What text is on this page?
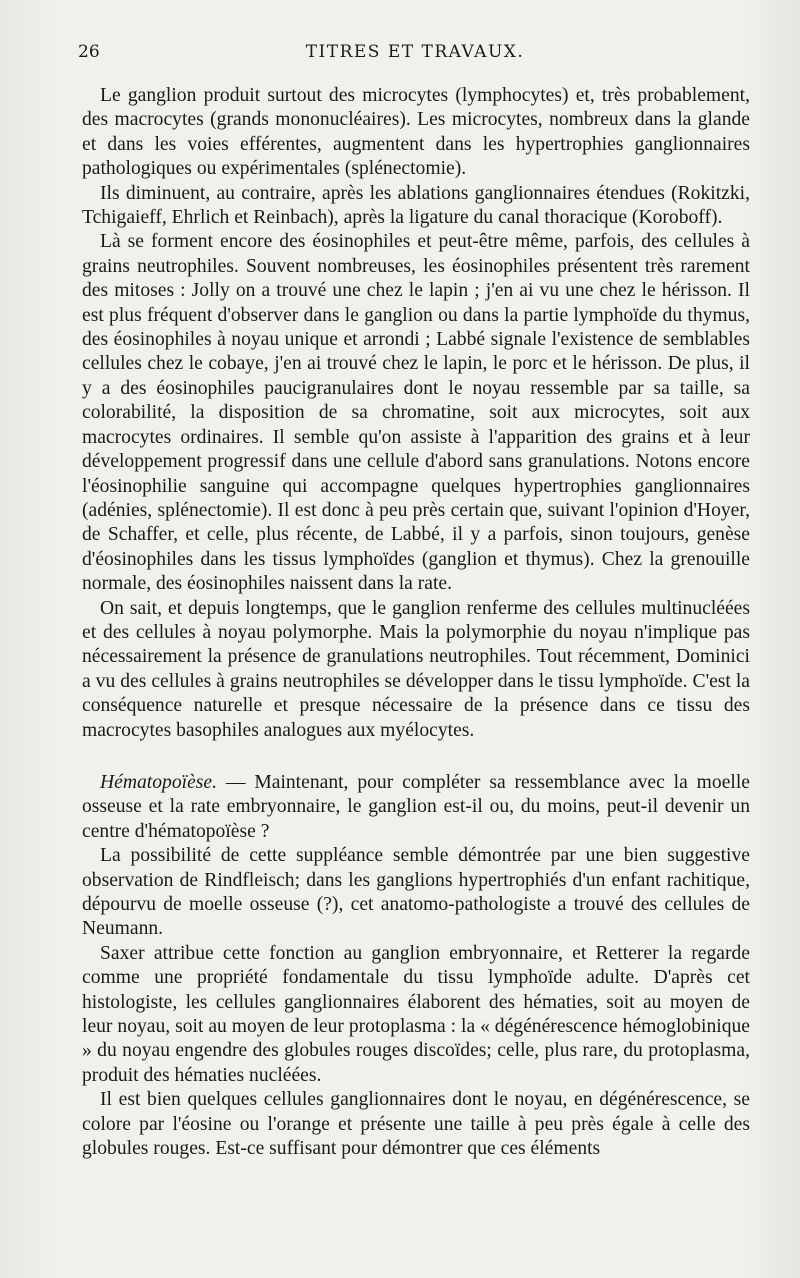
26	TITRES ET TRAVAUX.

Le ganglion produit surtout des microcytes (lymphocytes) et, très probablement, des macrocytes (grands mononucléaires). Les microcytes, nombreux dans la glande et dans les voies efférentes, augmentent dans les hypertrophies ganglionnaires pathologiques ou expérimentales (splénectomie).

Ils diminuent, au contraire, après les ablations ganglionnaires étendues (Rokitzki, Tchigaieff, Ehrlich et Reinbach), après la ligature du canal thoracique (Koroboff).

Là se forment encore des éosinophiles et peut-être même, parfois, des cellules à grains neutrophiles. Souvent nombreuses, les éosinophiles présentent très rarement des mitoses : Jolly on a trouvé une chez le lapin ; j'en ai vu une chez le hérisson. Il est plus fréquent d'observer dans le ganglion ou dans la partie lymphoïde du thymus, des éosinophiles à noyau unique et arrondi ; Labbé signale l'existence de semblables cellules chez le cobaye, j'en ai trouvé chez le lapin, le porc et le hérisson. De plus, il y a des éosinophiles paucigranulaires dont le noyau ressemble par sa taille, sa colorabilité, la disposition de sa chromatine, soit aux microcytes, soit aux macrocytes ordinaires. Il semble qu'on assiste à l'apparition des grains et à leur développement progressif dans une cellule d'abord sans granulations. Notons encore l'éosinophilie sanguine qui accompagne quelques hypertrophies ganglionnaires (adénies, splénectomie). Il est donc à peu près certain que, suivant l'opinion d'Hoyer, de Schaffer, et celle, plus récente, de Labbé, il y a parfois, sinon toujours, genèse d'éosinophiles dans les tissus lymphoïdes (ganglion et thymus). Chez la grenouille normale, des éosinophiles naissent dans la rate.

On sait, et depuis longtemps, que le ganglion renferme des cellules multinucléées et des cellules à noyau polymorphe. Mais la polymorphie du noyau n'implique pas nécessairement la présence de granulations neutrophiles. Tout récemment, Dominici a vu des cellules à grains neutrophiles se développer dans le tissu lymphoïde. C'est la conséquence naturelle et presque nécessaire de la présence dans ce tissu des macrocytes basophiles analogues aux myélocytes.

Hématopoïèse. — Maintenant, pour compléter sa ressemblance avec la moelle osseuse et la rate embryonnaire, le ganglion est-il ou, du moins, peut-il devenir un centre d'hématopoïèse ?

La possibilité de cette suppléance semble démontrée par une bien suggestive observation de Rindfleisch; dans les ganglions hypertrophiés d'un enfant rachitique, dépourvu de moelle osseuse (?), cet anatomo-pathologiste a trouvé des cellules de Neumann.

Saxer attribue cette fonction au ganglion embryonnaire, et Retterer la regarde comme une propriété fondamentale du tissu lymphoïde adulte. D'après cet histologiste, les cellules ganglionnaires élaborent des hématies, soit au moyen de leur noyau, soit au moyen de leur protoplasma : la « dégénérescence hémoglobinique » du noyau engendre des globules rouges discoïdes; celle, plus rare, du protoplasma, produit des hématies nucléées.

Il est bien quelques cellules ganglionnaires dont le noyau, en dégénérescence, se colore par l'éosine ou l'orange et présente une taille à peu près égale à celle des globules rouges. Est-ce suffisant pour démontrer que ces éléments
